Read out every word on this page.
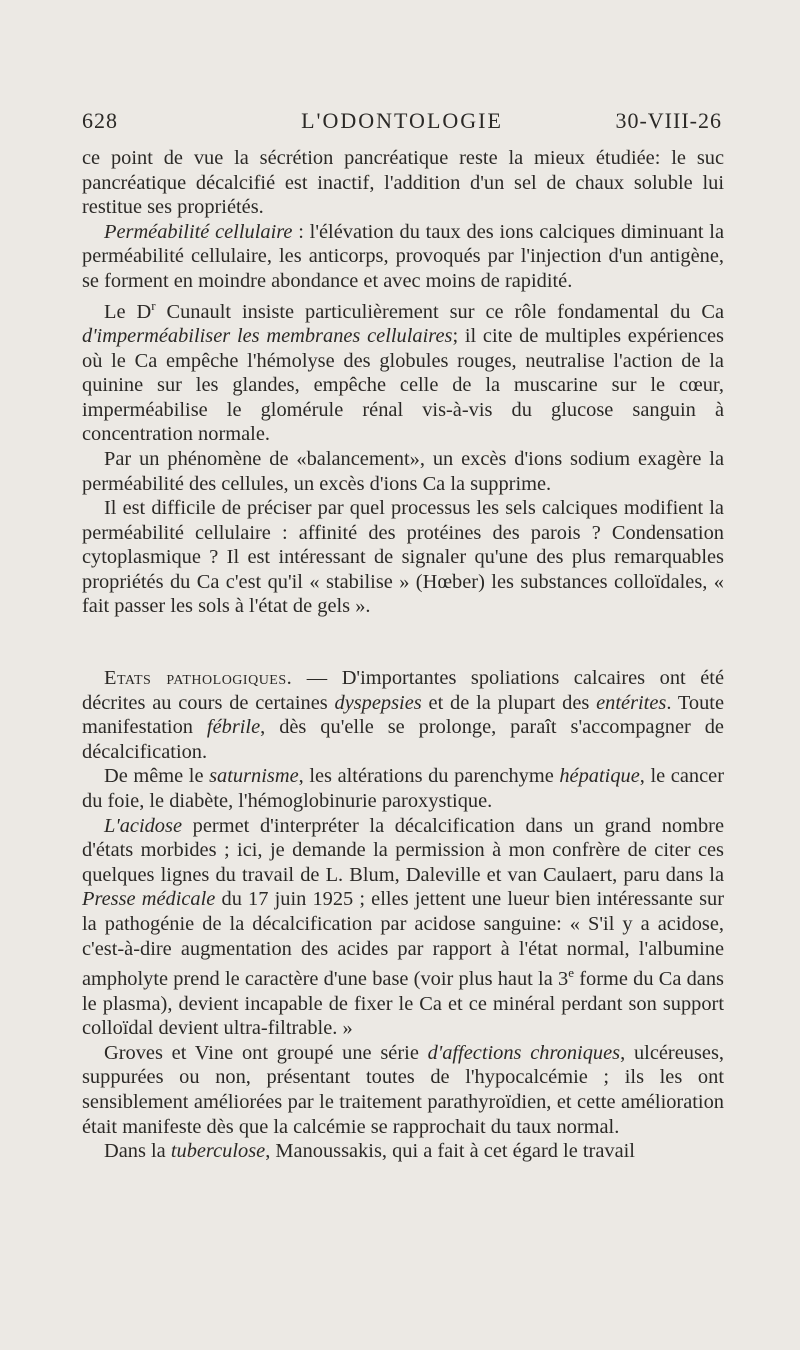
628	L'ODONTOLOGIE	30-VIII-26

ce point de vue la sécrétion pancréatique reste la mieux étudiée: le suc pancréatique décalcifié est inactif, l'addition d'un sel de chaux soluble lui restitue ses propriétés.

Perméabilité cellulaire : l'élévation du taux des ions calciques diminuant la perméabilité cellulaire, les anticorps, provoqués par l'injection d'un antigène, se forment en moindre abondance et avec moins de rapidité.

Le $D^r$ Cunault insiste particulièrement sur ce rôle fondamental du Ca d'imperméabiliser les membranes cellulaires; il cite de multiples expériences où le Ca empêche l'hémolyse des globules rouges, neutralise l'action de la quinine sur les glandes, empêche celle de la muscarine sur le cœur, imperméabilise le glomérule rénal vis-à-vis du glucose sanguin à concentration normale.

Par un phénomène de «balancement», un excès d'ions sodium exagère la perméabilité des cellules, un excès d'ions Ca la supprime.

Il est difficile de préciser par quel processus les sels calciques modifient la perméabilité cellulaire : affinité des protéines des parois ? Condensation cytoplasmique ? Il est intéressant de signaler qu'une des plus remarquables propriétés du Ca c'est qu'il « stabilise » (Hœber) les substances colloïdales, « fait passer les sols à l'état de gels ».

Etats pathologiques. — D'importantes spoliations calcaires ont été décrites au cours de certaines dyspepsies et de la plupart des entérites. Toute manifestation fébrile, dès qu'elle se prolonge, paraît s'accompagner de décalcification.

De même le saturnisme, les altérations du parenchyme hépatique, le cancer du foie, le diabète, l'hémoglobinurie paroxystique.

L'acidose permet d'interpréter la décalcification dans un grand nombre d'états morbides ; ici, je demande la permission à mon confrère de citer ces quelques lignes du travail de L. Blum, Daleville et van Caulaert, paru dans la Presse médicale du 17 juin 1925 ; elles jettent une lueur bien intéressante sur la pathogénie de la décalcification par acidose sanguine: « S'il y a acidose, c'est-à-dire augmentation des acides par rapport à l'état normal, l'albumine ampholyte prend le caractère d'une base (voir plus haut la 3e forme du Ca dans le plasma), devient incapable de fixer le Ca et ce minéral perdant son support colloïdal devient ultra-filtrable. »

Groves et Vine ont groupé une série d'affections chroniques, ulcéreuses, suppurées ou non, présentant toutes de l'hypocalcémie ; ils les ont sensiblement améliorées par le traitement parathyroïdien, et cette amélioration était manifeste dès que la calcémie se rapprochait du taux normal.

Dans la tuberculose, Manoussakis, qui a fait à cet égard le travail
